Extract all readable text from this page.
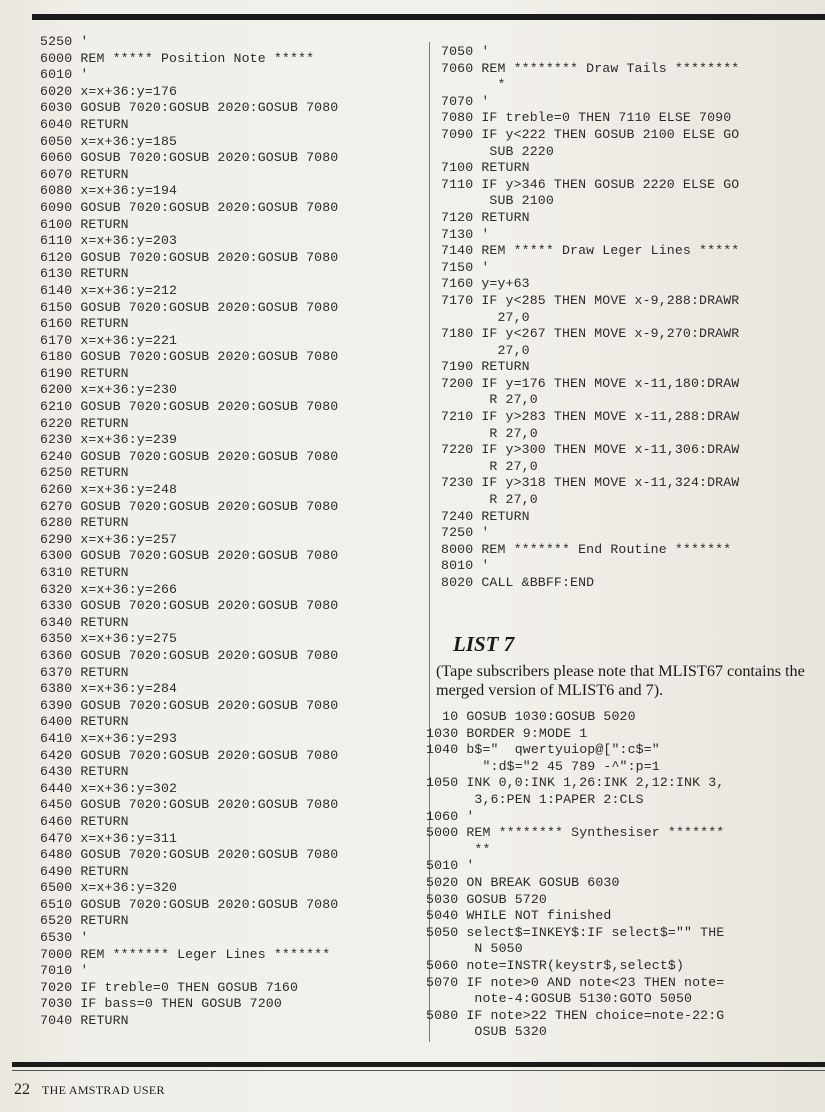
5250 '
6000 REM ***** Position Note *****
6010 '
6020 x=x+36:y=176
6030 GOSUB 7020:GOSUB 2020:GOSUB 7080
6040 RETURN
6050 x=x+36:y=185
6060 GOSUB 7020:GOSUB 2020:GOSUB 7080
6070 RETURN
6080 x=x+36:y=194
6090 GOSUB 7020:GOSUB 2020:GOSUB 7080
6100 RETURN
6110 x=x+36:y=203
6120 GOSUB 7020:GOSUB 2020:GOSUB 7080
6130 RETURN
6140 x=x+36:y=212
6150 GOSUB 7020:GOSUB 2020:GOSUB 7080
6160 RETURN
6170 x=x+36:y=221
6180 GOSUB 7020:GOSUB 2020:GOSUB 7080
6190 RETURN
6200 x=x+36:y=230
6210 GOSUB 7020:GOSUB 2020:GOSUB 7080
6220 RETURN
6230 x=x+36:y=239
6240 GOSUB 7020:GOSUB 2020:GOSUB 7080
6250 RETURN
6260 x=x+36:y=248
6270 GOSUB 7020:GOSUB 2020:GOSUB 7080
6280 RETURN
6290 x=x+36:y=257
6300 GOSUB 7020:GOSUB 2020:GOSUB 7080
6310 RETURN
6320 x=x+36:y=266
6330 GOSUB 7020:GOSUB 2020:GOSUB 7080
6340 RETURN
6350 x=x+36:y=275
6360 GOSUB 7020:GOSUB 2020:GOSUB 7080
6370 RETURN
6380 x=x+36:y=284
6390 GOSUB 7020:GOSUB 2020:GOSUB 7080
6400 RETURN
6410 x=x+36:y=293
6420 GOSUB 7020:GOSUB 2020:GOSUB 7080
6430 RETURN
6440 x=x+36:y=302
6450 GOSUB 7020:GOSUB 2020:GOSUB 7080
6460 RETURN
6470 x=x+36:y=311
6480 GOSUB 7020:GOSUB 2020:GOSUB 7080
6490 RETURN
6500 x=x+36:y=320
6510 GOSUB 7020:GOSUB 2020:GOSUB 7080
6520 RETURN
6530 '
7000 REM ******* Leger Lines *******
7010 '
7020 IF treble=0 THEN GOSUB 7160
7030 IF bass=0 THEN GOSUB 7200
7040 RETURN
7050 '
7060 REM ******** Draw Tails ********
*
7070 '
7080 IF treble=0 THEN 7110 ELSE 7090
7090 IF y<222 THEN GOSUB 2100 ELSE GO
SUB 2220
7100 RETURN
7110 IF y>346 THEN GOSUB 2220 ELSE GO
SUB 2100
7120 RETURN
7130 '
7140 REM ***** Draw Leger Lines *****
7150 '
7160 y=y+63
7170 IF y<285 THEN MOVE x-9,288:DRAWR
27,0
7180 IF y<267 THEN MOVE x-9,270:DRAWR
27,0
7190 RETURN
7200 IF y=176 THEN MOVE x-11,180:DRAW
R 27,0
7210 IF y>283 THEN MOVE x-11,288:DRAW
R 27,0
7220 IF y>300 THEN MOVE x-11,306:DRAW
R 27,0
7230 IF y>318 THEN MOVE x-11,324:DRAW
R 27,0
7240 RETURN
7250 '
8000 REM ******* End Routine *******
8010 '
8020 CALL &BBFF:END
LIST 7
(Tape subscribers please note that MLIST67 contains the merged version of MLIST6 and 7).
10 GOSUB 1030:GOSUB 5020
1030 BORDER 9:MODE 1
1040 b$="  qwertyuiop@[":c$="
":d$="2 45 789 -^":p=1
1050 INK 0,0:INK 1,26:INK 2,12:INK 3,
3,6:PEN 1:PAPER 2:CLS
1060 '
5000 REM ******** Synthesiser *******
**
5010 '
5020 ON BREAK GOSUB 6030
5030 GOSUB 5720
5040 WHILE NOT finished
5050 select$=INKEY$:IF select$="" THE
N 5050
5060 note=INSTR(keystr$,select$)
5070 IF note>0 AND note<23 THEN note=
note-4:GOSUB 5130:GOTO 5050
5080 IF note>22 THEN choice=note-22:G
OSUB 5320
22 THE AMSTRAD USER
